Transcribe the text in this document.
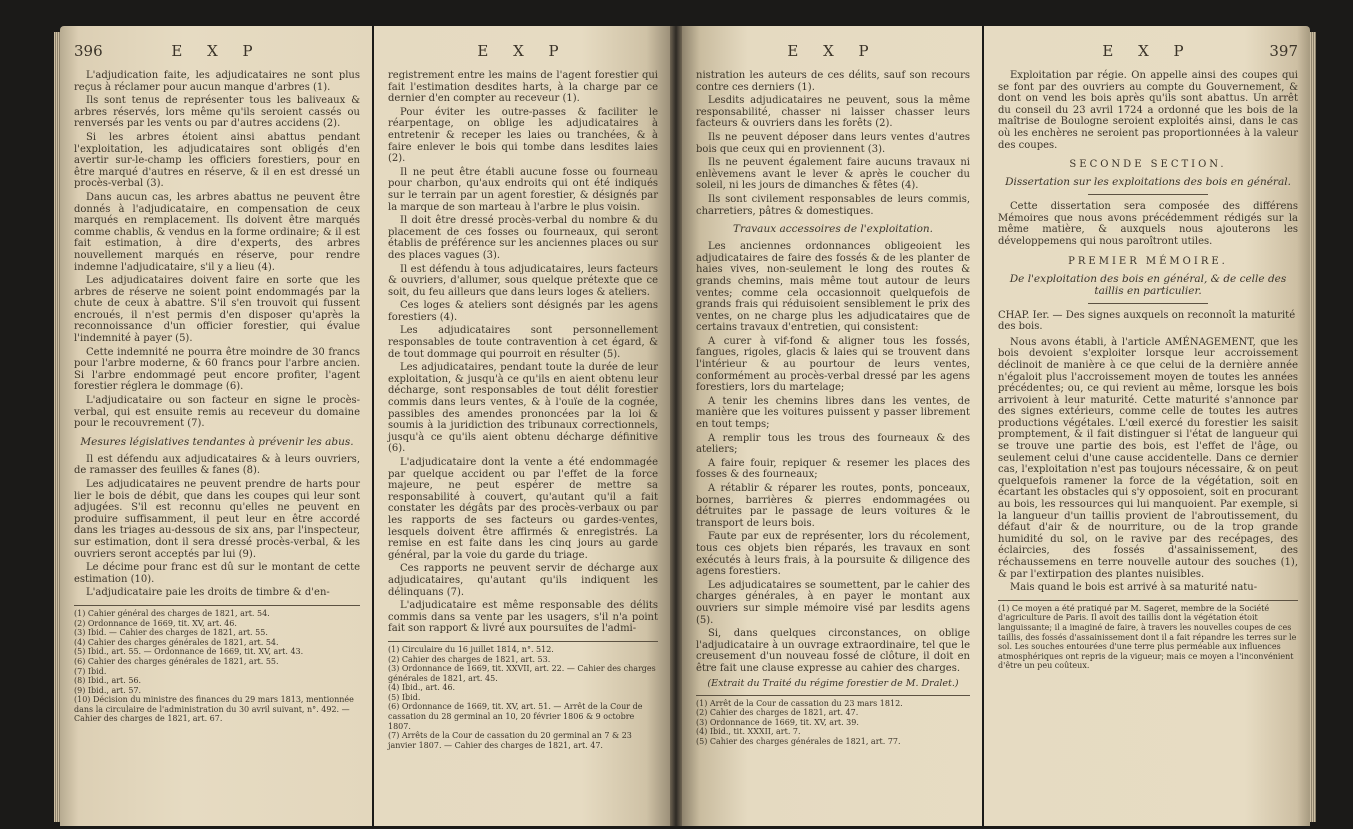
396	E X P

L'adjudication faite, les adjudicataires ne sont plus reçus à réclamer pour aucun manque d'arbres (1).

Ils sont tenus de représenter tous les baliveaux & arbres réservés, lors même qu'ils seroient cassés ou renversés par les vents ou par d'autres accidens (2).

Si les arbres étoient ainsi abattus pendant l'exploitation, les adjudicataires sont obligés d'en avertir sur-le-champ les officiers forestiers, pour en être marqué d'autres en réserve, & il en est dressé un procès-verbal (3).

Dans aucun cas, les arbres abattus ne peuvent être donnés à l'adjudicataire, en compensation de ceux marqués en remplacement. Ils doivent être marqués comme chablis, & vendus en la forme ordinaire; & il est fait estimation, à dire d'experts, des arbres nouvellement marqués en réserve, pour rendre indemne l'adjudicataire, s'il y a lieu (4).

Les adjudicataires doivent faire en sorte que les arbres de réserve ne soient point endommagés par la chute de ceux à abattre. S'il s'en trouvoit qui fussent encroués, il n'est permis d'en disposer qu'après la reconnoissance d'un officier forestier, qui évalue l'indemnité à payer (5).

Cette indemnité ne pourra être moindre de 30 francs pour l'arbre moderne, & 60 francs pour l'arbre ancien. Si l'arbre endommagé peut encore profiter, l'agent forestier réglera le dommage (6).

L'adjudicataire ou son facteur en signe le procès-verbal, qui est ensuite remis au receveur du domaine pour le recouvrement (7).

Mesures législatives tendantes à prévenir les abus.

Il est défendu aux adjudicataires & à leurs ouvriers, de ramasser des feuilles & fanes (8).

Les adjudicataires ne peuvent prendre de harts pour lier le bois de débit, que dans les coupes qui leur sont adjugées. S'il est reconnu qu'elles ne peuvent en produire suffisamment, il peut leur en être accordé dans les triages au-dessous de six ans, par l'inspecteur, sur estimation, dont il sera dressé procès-verbal, & les ouvriers seront acceptés par lui (9).

Le décime pour franc est dû sur le montant de cette estimation (10).

L'adjudicataire paie les droits de timbre & d'en-

(1) Cahier général des charges de 1821, art. 54.

(2) Ordonnance de 1669, tit. XV, art. 46.

(3) Ibid. — Cahier des charges de 1821, art. 55.

(4) Cahier des charges générales de 1821, art. 54.

(5) Ibid., art. 55. — Ordonnance de 1669, tit. XV, art. 43.

(6) Cahier des charges générales de 1821, art. 55.

(7) Ibid.

(8) Ibid., art. 56.

(9) Ibid., art. 57.

(10) Décision du ministre des finances du 29 mars 1813, mentionnée dans la circulaire de l'administration du 30 avril suivant, n°. 492. — Cahier des charges de 1821, art. 67.

E X P

registrement entre les mains de l'agent forestier qui fait l'estimation desdites harts, à la charge par ce dernier d'en compter au receveur (1).

Pour éviter les outre-passes & faciliter le réarpentage, on oblige les adjudicataires à entretenir & receper les laies ou tranchées, & à faire enlever le bois qui tombe dans lesdites laies (2).

Il ne peut être établi aucune fosse ou fourneau pour charbon, qu'aux endroits qui ont été indiqués sur le terrain par un agent forestier, & désignés par la marque de son marteau à l'arbre le plus voisin.

Il doit être dressé procès-verbal du nombre & du placement de ces fosses ou fourneaux, qui seront établis de préférence sur les anciennes places ou sur des places vagues (3).

Il est défendu à tous adjudicataires, leurs facteurs & ouvriers, d'allumer, sous quelque prétexte que ce soit, du feu ailleurs que dans leurs loges & ateliers.

Ces loges & ateliers sont désignés par les agens forestiers (4).

Les adjudicataires sont personnellement responsables de toute contravention à cet égard, & de tout dommage qui pourroit en résulter (5).

Les adjudicataires, pendant toute la durée de leur exploitation, & jusqu'à ce qu'ils en aient obtenu leur décharge, sont responsables de tout délit forestier commis dans leurs ventes, & à l'ouïe de la cognée, passibles des amendes prononcées par la loi & soumis à la juridiction des tribunaux correctionnels, jusqu'à ce qu'ils aient obtenu décharge définitive (6).

L'adjudicataire dont la vente a été endommagée par quelque accident ou par l'effet de la force majeure, ne peut espérer de mettre sa responsabilité à couvert, qu'autant qu'il a fait constater les dégâts par des procès-verbaux ou par les rapports de ses facteurs ou gardes-ventes, lesquels doivent être affirmés & enregistrés. La remise en est faite dans les cinq jours au garde général, par la voie du garde du triage.

Ces rapports ne peuvent servir de décharge aux adjudicataires, qu'autant qu'ils indiquent les délinquans (7).

L'adjudicataire est même responsable des délits commis dans sa vente par les usagers, s'il n'a point fait son rapport & livré aux poursuites de l'admi-

(1) Circulaire du 16 juillet 1814, n°. 512.

(2) Cahier des charges de 1821, art. 53.

(3) Ordonnance de 1669, tit. XXVII, art. 22. — Cahier des charges générales de 1821, art. 45.

(4) Ibid., art. 46.

(5) Ibid.

(6) Ordonnance de 1669, tit. XV, art. 51. — Arrêt de la Cour de cassation du 28 germinal an 10, 20 février 1806 & 9 octobre 1807.

(7) Arrêts de la Cour de cassation du 20 germinal an 7 & 23 janvier 1807. — Cahier des charges de 1821, art. 47.

E X P

nistration les auteurs de ces délits, sauf son recours contre ces derniers (1).

Lesdits adjudicataires ne peuvent, sous la même responsabilité, chasser ni laisser chasser leurs facteurs & ouvriers dans les forêts (2).

Ils ne peuvent déposer dans leurs ventes d'autres bois que ceux qui en proviennent (3).

Ils ne peuvent également faire aucuns travaux ni enlèvemens avant le lever & après le coucher du soleil, ni les jours de dimanches & fêtes (4).

Ils sont civilement responsables de leurs commis, charretiers, pâtres & domestiques.

Travaux accessoires de l'exploitation.

Les anciennes ordonnances obligeoient les adjudicataires de faire des fossés & de les planter de haies vives, non-seulement le long des routes & grands chemins, mais même tout autour de leurs ventes; comme cela occasionnoit quelquefois de grands frais qui réduisoient sensiblement le prix des ventes, on ne charge plus les adjudicataires que de certains travaux d'entretien, qui consistent:

A curer à vif-fond & aligner tous les fossés, fangues, rigoles, glacis & laies qui se trouvent dans l'intérieur & au pourtour de leurs ventes, conformément au procès-verbal dressé par les agens forestiers, lors du martelage;

A tenir les chemins libres dans les ventes, de manière que les voitures puissent y passer librement en tout temps;

A remplir tous les trous des fourneaux & des ateliers;

A faire fouir, repiquer & resemer les places des fosses & des fourneaux;

A rétablir & réparer les routes, ponts, ponceaux, bornes, barrières & pierres endommagées ou détruites par le passage de leurs voitures & le transport de leurs bois.

Faute par eux de représenter, lors du récolement, tous ces objets bien réparés, les travaux en sont exécutés à leurs frais, à la poursuite & diligence des agens forestiers.

Les adjudicataires se soumettent, par le cahier des charges générales, à en payer le montant aux ouvriers sur simple mémoire visé par lesdits agens (5).

Si, dans quelques circonstances, on oblige l'adjudicataire à un ouvrage extraordinaire, tel que le creusement d'un nouveau fossé de clôture, il doit en être fait une clause expresse au cahier des charges.

(Extrait du Traité du régime forestier de M. Dralet.)

(1) Arrêt de la Cour de cassation du 23 mars 1812.

(2) Cahier des charges de 1821, art. 47.

(3) Ordonnance de 1669, tit. XV, art. 39.

(4) Ibid., tit. XXXII, art. 7.

(5) Cahier des charges générales de 1821, art. 77.

E X P	397

Exploitation par régie. On appelle ainsi des coupes qui se font par des ouvriers au compte du Gouvernement, & dont on vend les bois après qu'ils sont abattus. Un arrêt du conseil du 23 avril 1724 a ordonné que les bois de la maîtrise de Boulogne seroient exploités ainsi, dans le cas où les enchères ne seroient pas proportionnées à la valeur des coupes.

SECONDE SECTION.
Dissertation sur les exploitations des bois en général.

Cette dissertation sera composée des différens Mémoires que nous avons précédemment rédigés sur la même matière, & auxquels nous ajouterons les développemens qui nous paroîtront utiles.

PREMIER MÉMOIRE.
De l'exploitation des bois en général, & de celle des taillis en particulier.
CHAP. Ier. — Des signes auxquels on reconnoît la maturité des bois.

Nous avons établi, à l'article AMÉNAGEMENT, que les bois devoient s'exploiter lorsque leur accroissement déclinoit de manière à ce que celui de la dernière année n'égaloit plus l'accroissement moyen de toutes les années précédentes; ou, ce qui revient au même, lorsque les bois arrivoient à leur maturité. Cette maturité s'annonce par des signes extérieurs, comme celle de toutes les autres productions végétales. L'œil exercé du forestier les saisit promptement, & il fait distinguer si l'état de langueur qui se trouve une partie des bois, est l'effet de l'âge, ou seulement celui d'une cause accidentelle. Dans ce dernier cas, l'exploitation n'est pas toujours nécessaire, & on peut quelquefois ramener la force de la végétation, soit en écartant les obstacles qui s'y opposoient, soit en procurant au bois, les ressources qui lui manquoient. Par exemple, si la langueur d'un taillis provient de l'abroutissement, du défaut d'air & de nourriture, ou de la trop grande humidité du sol, on le ravive par des recépages, des éclaircies, des fossés d'assainissement, des réchaussemens en terre nouvelle autour des souches (1), & par l'extirpation des plantes nuisibles.

Mais quand le bois est arrivé à sa maturité natu-

(1) Ce moyen a été pratiqué par M. Sageret, membre de la Société d'agriculture de Paris. Il avoit des taillis dont la végétation étoit languissante; il a imaginé de faire, à travers les nouvelles coupes de ces taillis, des fossés d'assainissement dont il a fait répandre les terres sur le sol. Les souches entourées d'une terre plus perméable aux influences atmosphériques ont repris de la vigueur; mais ce moyen a l'inconvénient d'être un peu coûteux.
